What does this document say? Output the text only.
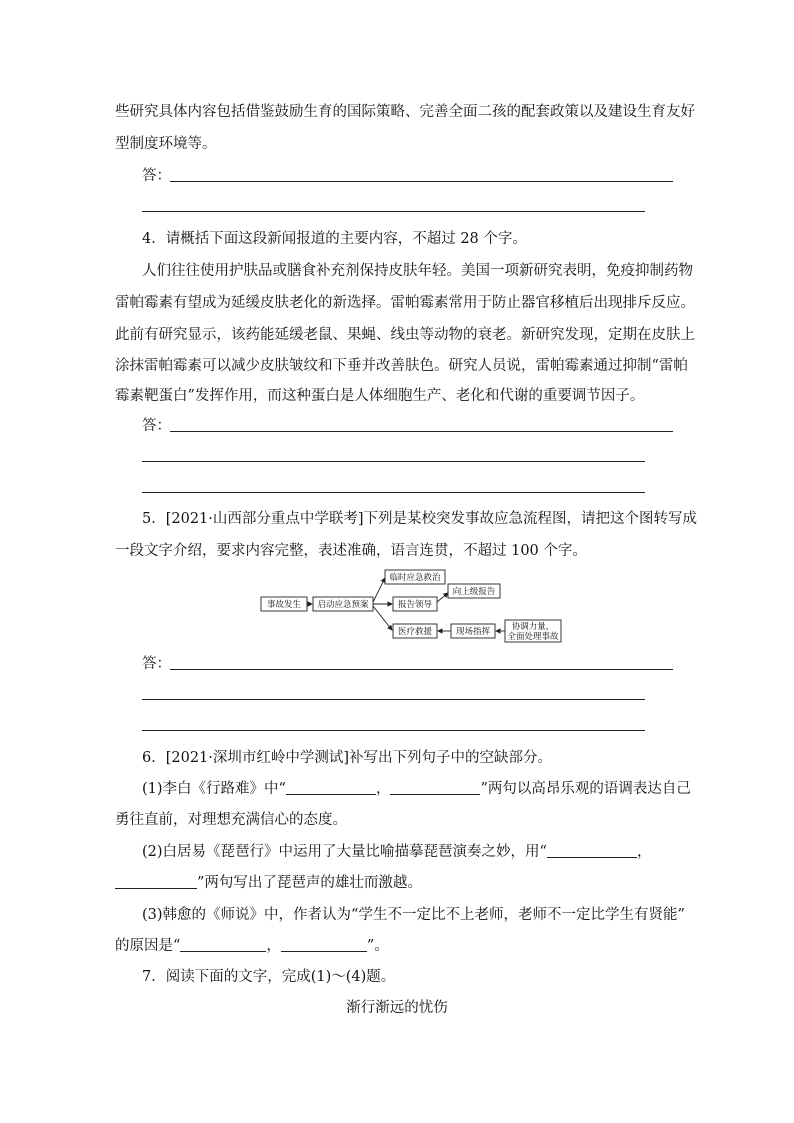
些研究具体内容包括借鉴鼓励生育的国际策略、完善全面二孩的配套政策以及建设生育友好
型制度环境等。
答：
4．请概括下面这段新闻报道的主要内容，不超过 28 个字。
人们往往使用护肤品或膳食补充剂保持皮肤年轻。美国一项新研究表明，免疫抑制药物
雷帕霉素有望成为延缓皮肤老化的新选择。雷帕霉素常用于防止器官移植后出现排斥反应。
此前有研究显示，该药能延缓老鼠、果蝇、线虫等动物的衰老。新研究发现，定期在皮肤上
涂抹雷帕霉素可以减少皮肤皱纹和下垂并改善肤色。研究人员说，雷帕霉素通过抑制“雷帕
霉素靶蛋白”发挥作用，而这种蛋白是人体细胞生产、老化和代谢的重要调节因子。
答：
5．[2021·山西部分重点中学联考]下列是某校突发事故应急流程图，请把这个图转写成
一段文字介绍，要求内容完整，表述准确，语言连贯，不超过 100 个字。
事故发生 启动应急预案
临时应急救治
报告领导
向上级报告
医疗救援	现场指挥	协调力量，
全面处理事故
答：
6．[2021·深圳市红岭中学测试]补写出下列句子中的空缺部分。
(1)李白《行路难》中“	，	”两句以高昂乐观的语调表达自己
勇往直前，对理想充满信心的态度。
(2)白居易《琵琶行》中运用了大量比喻描摹琵琶演奏之妙，用“	，
”两句写出了琵琶声的雄壮而激越。
(3)韩愈的《师说》中，作者认为“学生不一定比不上老师，老师不一定比学生有贤能”
的原因是“	，	”。
7．阅读下面的文字，完成(1)～(4)题。
渐行渐远的忧伤
